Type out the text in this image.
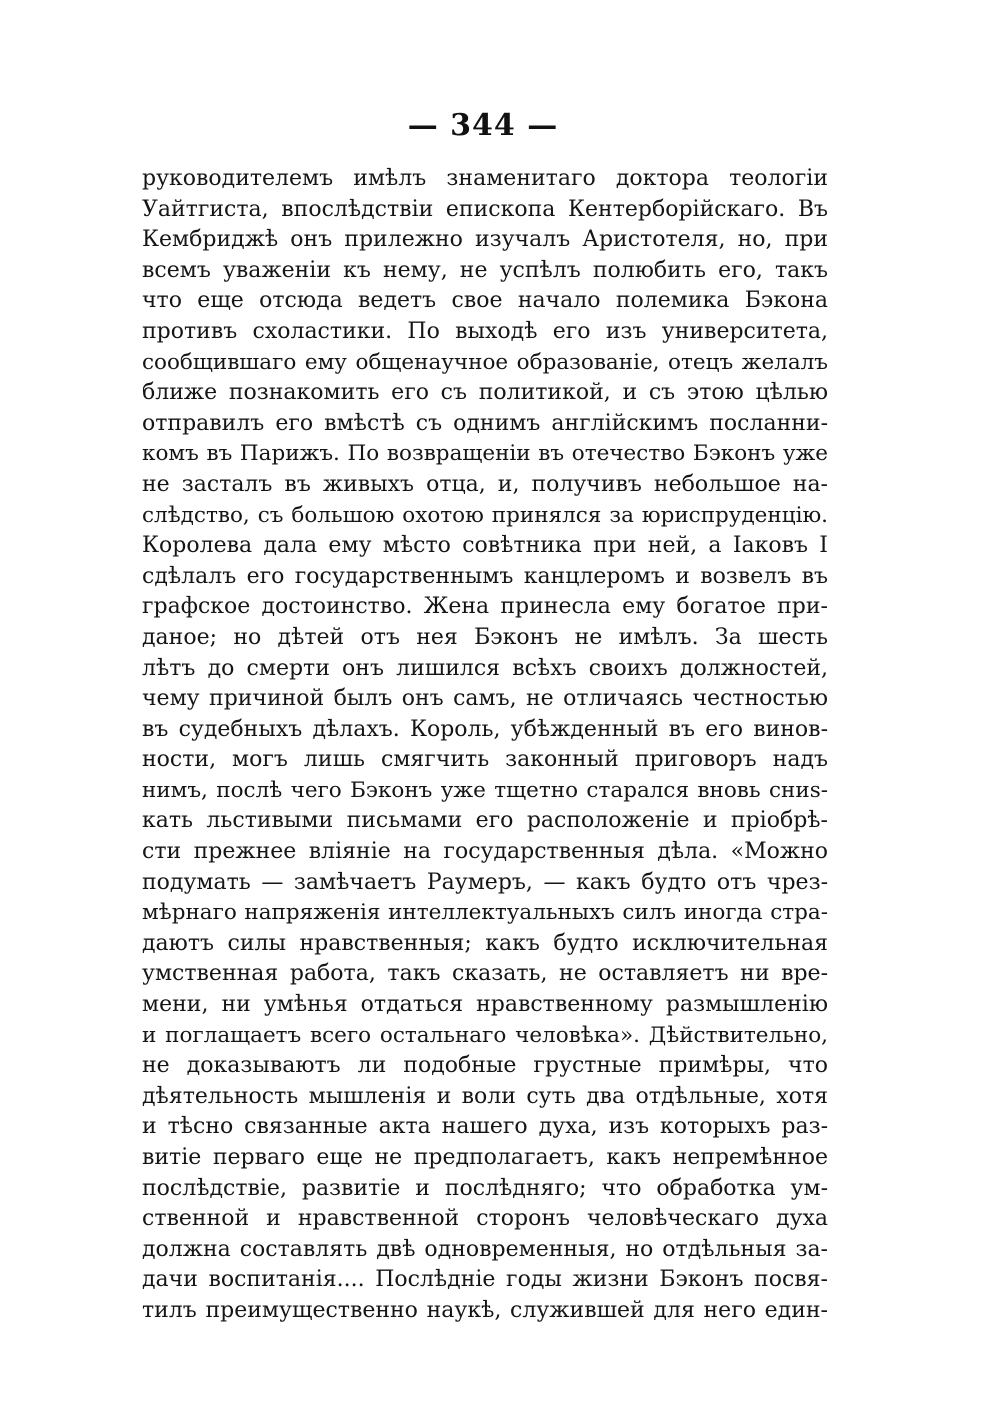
— 344 —
руководителемъ имѣлъ знаменитаго доктора теологіи
Уайтгиста, впослѣдствіи епископа Кентерборійскаго. Въ
Кембриджѣ онъ прилежно изучалъ Аристотеля, но, при
всемъ уваженіи къ нему, не успѣлъ полюбить его, такъ
что еще отсюда ведетъ свое начало полемика Бэкона
противъ схоластики. По выходѣ его изъ университета,
сообщившаго ему общенаучное образованіе, отецъ желалъ
ближе познакомить его съ политикой, и съ этою цѣлью
отправилъ его вмѣстѣ съ однимъ англійскимъ посланни-
комъ въ Парижъ. По возвращеніи въ отечество Бэконъ уже
не засталъ въ живыхъ отца, и, получивъ небольшое на-
слѣдство, съ большою охотою принялся за юриспруденцію.
Королева дала ему мѣсто совѣтника при ней, а Іаковъ I
сдѣлалъ его государственнымъ канцлеромъ и возвелъ въ
графское достоинство. Жена принесла ему богатое при-
даное; но дѣтей отъ нея Бэконъ не имѣлъ. За шесть
лѣтъ до смерти онъ лишился всѣхъ своихъ должностей,
чему причиной былъ онъ самъ, не отличаясь честностью
въ судебныхъ дѣлахъ. Король, убѣжденный въ его винов-
ности, могъ лишь смягчить законный приговоръ надъ
нимъ, послѣ чего Бэконъ уже тщетно старался вновь сниs-
кать льстивыми письмами его расположеніе и пріобрѣ-
сти прежнее вліяніе на государственныя дѣла. «Можно
подумать — замѣчаетъ Раумеръ, — какъ будто отъ чрез-
мѣрнаго напряженія интеллектуальныхъ силъ иногда стра-
даютъ силы нравственныя; какъ будто исключительная
умственная работа, такъ сказать, не оставляетъ ни вре-
мени, ни умѣнья отдаться нравственному размышленію
и поглащаетъ всего остальнаго человѣка». Дѣйствительно,
не доказываютъ ли подобные грустные примѣры, что
дѣятельность мышленія и воли суть два отдѣльные, хотя
и тѣсно связанные акта нашего духа, изъ которыхъ раз-
витіе перваго еще не предполагаетъ, какъ непремѣнное
послѣдствіе, развитіе и послѣдняго; что обработка ум-
ственной и нравственной сторонъ человѣческаго духа
должна составлять двѣ одновременныя, но отдѣльныя за-
дачи воспитанія.... Послѣдніе годы жизни Бэконъ посвя-
тилъ преимущественно наукѣ, служившей для него един-
